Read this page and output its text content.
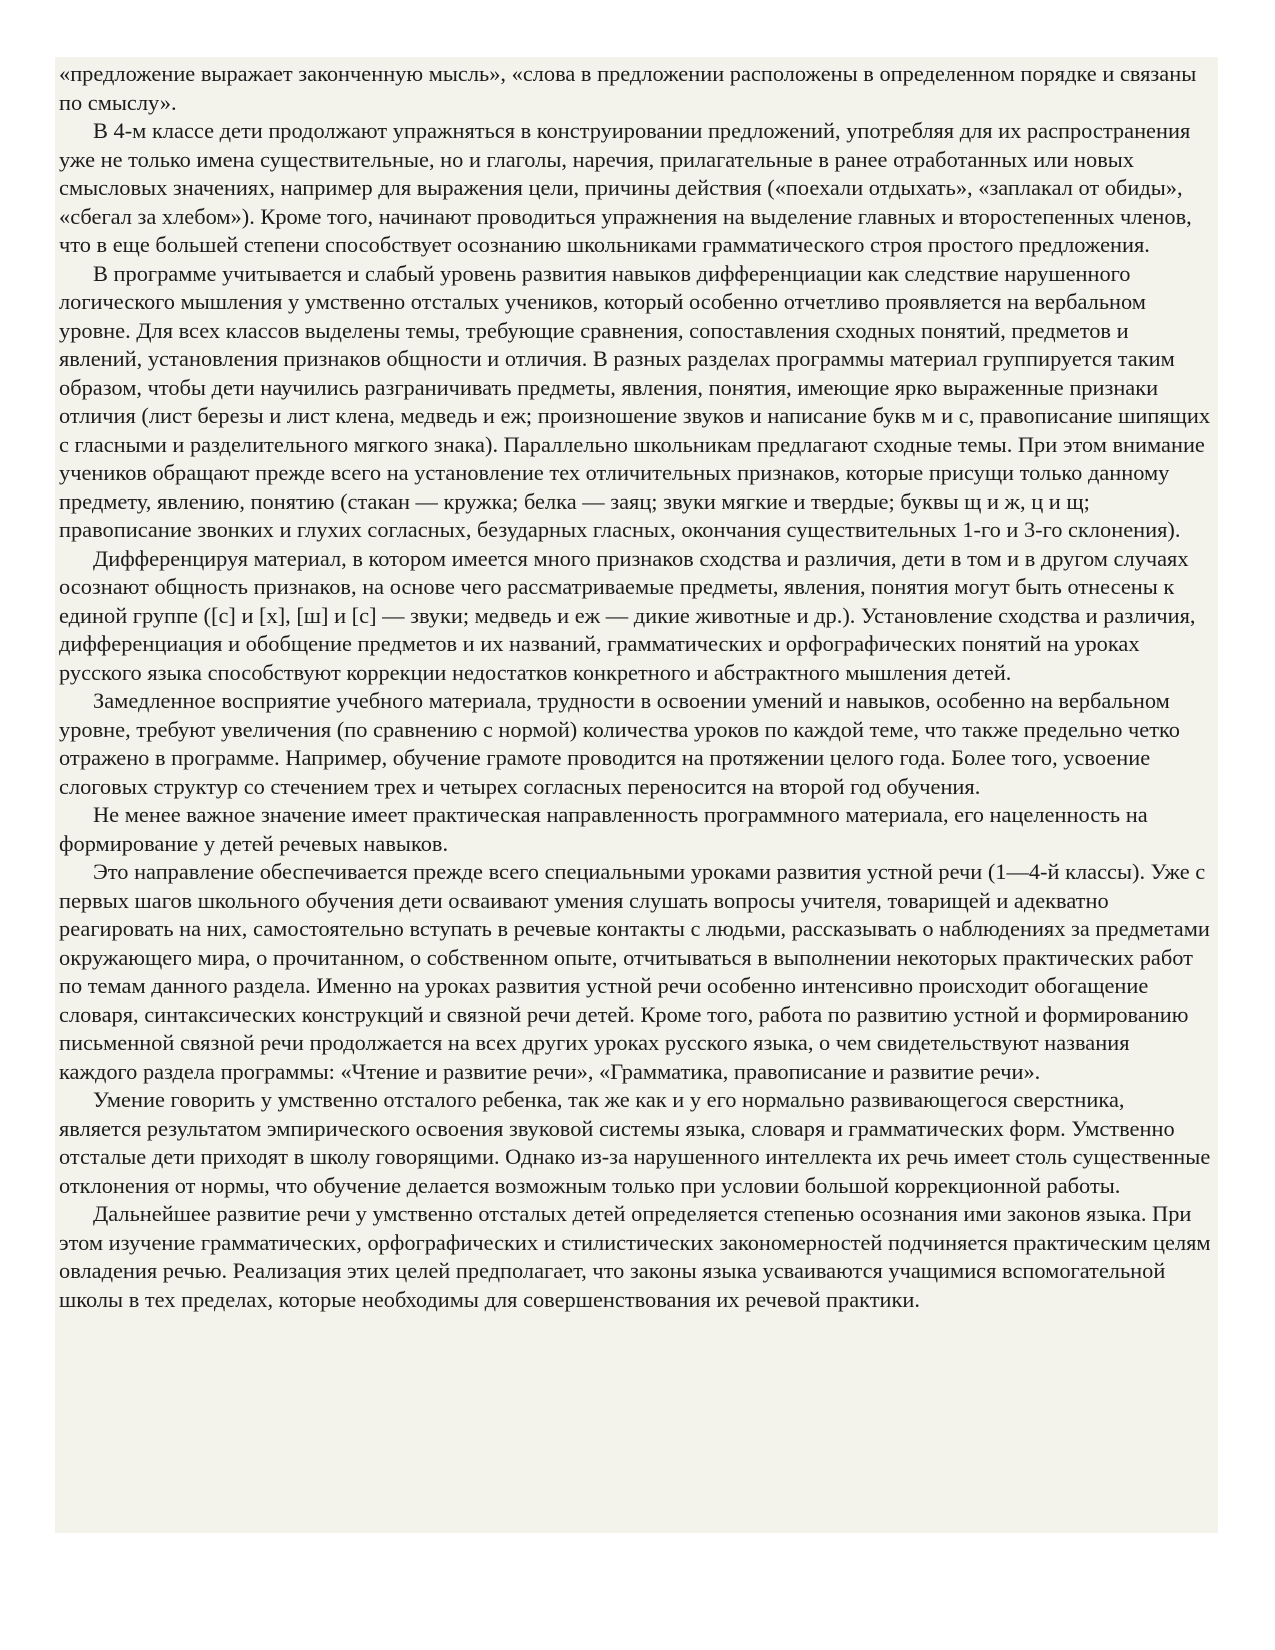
«предложение выражает законченную мысль», «слова в предложении расположены в определенном порядке и связаны по смыслу».

В 4-м классе дети продолжают упражняться в конструировании предложений, употребляя для их распространения уже не только имена существительные, но и глаголы, наречия, прилагательные в ранее отработанных или новых смысловых значениях, например для выражения цели, причины действия («поехали отдыхать», «заплакал от обиды», «сбегал за хлебом»). Кроме того, начинают проводиться упражнения на выделение главных и второстепенных членов, что в еще большей степени способствует осознанию школьниками грамматического строя простого предложения.

В программе учитывается и слабый уровень развития навыков дифференциации как следствие нарушенного логического мышления у умственно отсталых учеников, который особенно отчетливо проявляется на вербальном уровне. Для всех классов выделены темы, требующие сравнения, сопоставления сходных понятий, предметов и явлений, установления признаков общности и отличия. В разных разделах программы материал группируется таким образом, чтобы дети научились разграничивать предметы, явления, понятия, имеющие ярко выраженные признаки отличия (лист березы и лист клена, медведь и еж; произношение звуков и написание букв м и с, правописание шипящих с гласными и разделительного мягкого знака). Параллельно школьникам предлагают сходные темы. При этом внимание учеников обращают прежде всего на установление тех отличительных признаков, которые присущи только данному предмету, явлению, понятию (стакан — кружка; белка — заяц; звуки мягкие и твердые; буквы щ и ж, ц и щ; правописание звонких и глухих согласных, безударных гласных, окончания существительных 1-го и 3-го склонения).

Дифференцируя материал, в котором имеется много признаков сходства и различия, дети в том и в другом случаях осознают общность признаков, на основе чего рассматриваемые предметы, явления, понятия могут быть отнесены к единой группе ([с] и [х], [ш] и [с] — звуки; медведь и еж — дикие животные и др.). Установление сходства и различия, дифференциация и обобщение предметов и их названий, грамматических и орфографических понятий на уроках русского языка способствуют коррекции недостатков конкретного и абстрактного мышления детей.

Замедленное восприятие учебного материала, трудности в освоении умений и навыков, особенно на вербальном уровне, требуют увеличения (по сравнению с нормой) количества уроков по каждой теме, что также предельно четко отражено в программе. Например, обучение грамоте проводится на протяжении целого года. Более того, усвоение слоговых структур со стечением трех и четырех согласных переносится на второй год обучения.

Не менее важное значение имеет практическая направленность программного материала, его нацеленность на формирование у детей речевых навыков.

Это направление обеспечивается прежде всего специальными уроками развития устной речи (1—4-й классы). Уже с первых шагов школьного обучения дети осваивают умения слушать вопросы учителя, товарищей и адекватно реагировать на них, самостоятельно вступать в речевые контакты с людьми, рассказывать о наблюдениях за предметами окружающего мира, о прочитанном, о собственном опыте, отчитываться в выполнении некоторых практических работ по темам данного раздела. Именно на уроках развития устной речи особенно интенсивно происходит обогащение словаря, синтаксических конструкций и связной речи детей. Кроме того, работа по развитию устной и формированию письменной связной речи продолжается на всех других уроках русского языка, о чем свидетельствуют названия каждого раздела программы: «Чтение и развитие речи», «Грамматика, правописание и развитие речи».

Умение говорить у умственно отсталого ребенка, так же как и у его нормально развивающегося сверстника, является результатом эмпирического освоения звуковой системы языка, словаря и грамматических форм. Умственно отсталые дети приходят в школу говорящими. Однако из-за нарушенного интеллекта их речь имеет столь существенные отклонения от нормы, что обучение делается возможным только при условии большой коррекционной работы.

Дальнейшее развитие речи у умственно отсталых детей определяется степенью осознания ими законов языка. При этом изучение грамматических, орфографических и стилистических закономерностей подчиняется практическим целям овладения речью. Реализация этих целей предполагает, что законы языка усваиваются учащимися вспомогательной школы в тех пределах, которые необходимы для совершенствования их речевой практики.
